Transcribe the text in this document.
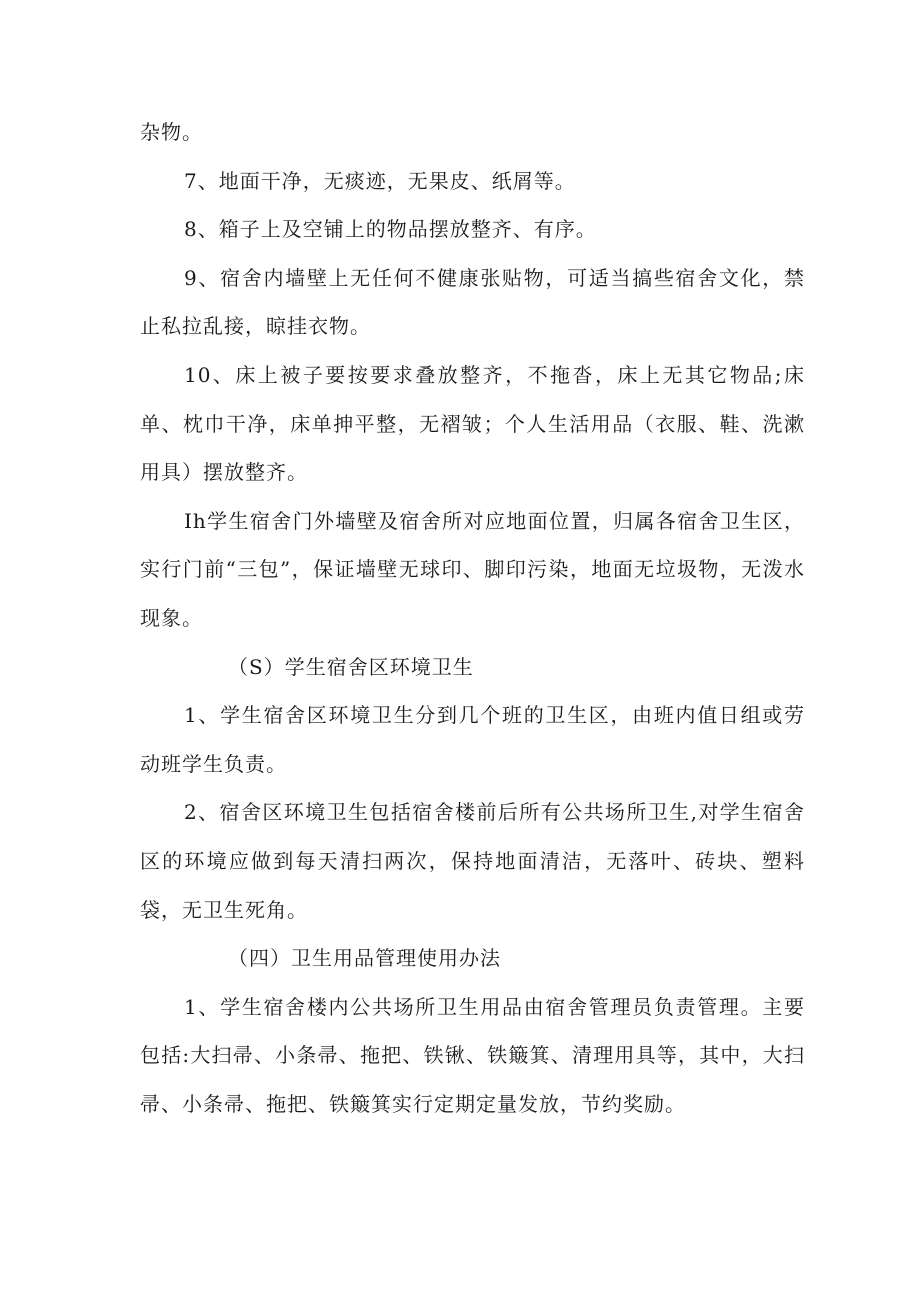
杂物。

7、地面干净，无痰迹，无果皮、纸屑等。

8、箱子上及空铺上的物品摆放整齐、有序。

9、宿舍内墙壁上无任何不健康张贴物，可适当搞些宿舍文化，禁止私拉乱接，晾挂衣物。

10、床上被子要按要求叠放整齐，不拖沓，床上无其它物品;床单、枕巾干净，床单抻平整，无褶皱；个人生活用品（衣服、鞋、洗漱用具）摆放整齐。

Ih学生宿舍门外墙壁及宿舍所对应地面位置，归属各宿舍卫生区，实行门前“三包”，保证墙壁无球印、脚印污染，地面无垃圾物，无泼水现象。

（S）学生宿舍区环境卫生

1、学生宿舍区环境卫生分到几个班的卫生区，由班内值日组或劳动班学生负责。

2、宿舍区环境卫生包括宿舍楼前后所有公共场所卫生,对学生宿舍区的环境应做到每天清扫两次，保持地面清洁，无落叶、砖块、塑料袋，无卫生死角。

（四）卫生用品管理使用办法

1、学生宿舍楼内公共场所卫生用品由宿舍管理员负责管理。主要包括:大扫帚、小条帚、拖把、铁锹、铁簸箕、清理用具等，其中，大扫帚、小条帚、拖把、铁簸箕实行定期定量发放，节约奖励。
